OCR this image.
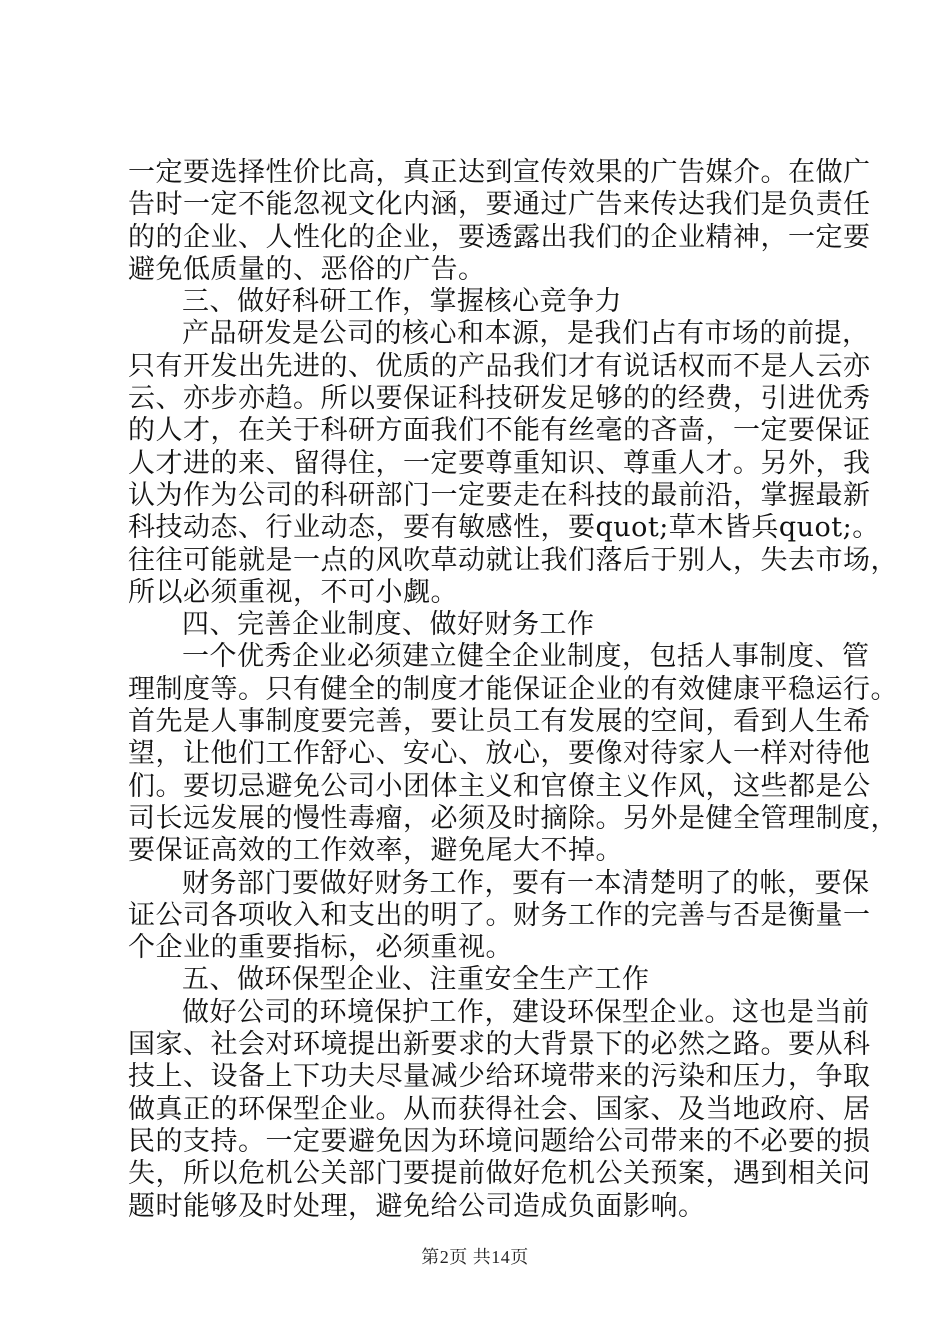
一定要选择性价比高，真正达到宣传效果的广告媒介。在做广
告时一定不能忽视文化内涵，要通过广告来传达我们是负责任
的的企业、人性化的企业，要透露出我们的企业精神，一定要
避免低质量的、恶俗的广告。
三、做好科研工作，掌握核心竞争力
产品研发是公司的核心和本源，是我们占有市场的前提，
只有开发出先进的、优质的产品我们才有说话权而不是人云亦
云、亦步亦趋。所以要保证科技研发足够的的经费，引进优秀
的人才，在关于科研方面我们不能有丝毫的吝啬，一定要保证
人才进的来、留得住，一定要尊重知识、尊重人才。另外，我
认为作为公司的科研部门一定要走在科技的最前沿，掌握最新
科技动态、行业动态，要有敏感性，要quot;草木皆兵quot;。
往往可能就是一点的风吹草动就让我们落后于别人，失去市场，
所以必须重视，不可小觑。
四、完善企业制度、做好财务工作
一个优秀企业必须建立健全企业制度，包括人事制度、管
理制度等。只有健全的制度才能保证企业的有效健康平稳运行。
首先是人事制度要完善，要让员工有发展的空间，看到人生希
望，让他们工作舒心、安心、放心，要像对待家人一样对待他
们。要切忌避免公司小团体主义和官僚主义作风，这些都是公
司长远发展的慢性毒瘤，必须及时摘除。另外是健全管理制度，
要保证高效的工作效率，避免尾大不掉。
财务部门要做好财务工作，要有一本清楚明了的帐，要保
证公司各项收入和支出的明了。财务工作的完善与否是衡量一
个企业的重要指标，必须重视。
五、做环保型企业、注重安全生产工作
做好公司的环境保护工作，建设环保型企业。这也是当前
国家、社会对环境提出新要求的大背景下的必然之路。要从科
技上、设备上下功夫尽量减少给环境带来的污染和压力，争取
做真正的环保型企业。从而获得社会、国家、及当地政府、居
民的支持。一定要避免因为环境问题给公司带来的不必要的损
失，所以危机公关部门要提前做好危机公关预案，遇到相关问
题时能够及时处理，避免给公司造成负面影响。
第2页 共14页
